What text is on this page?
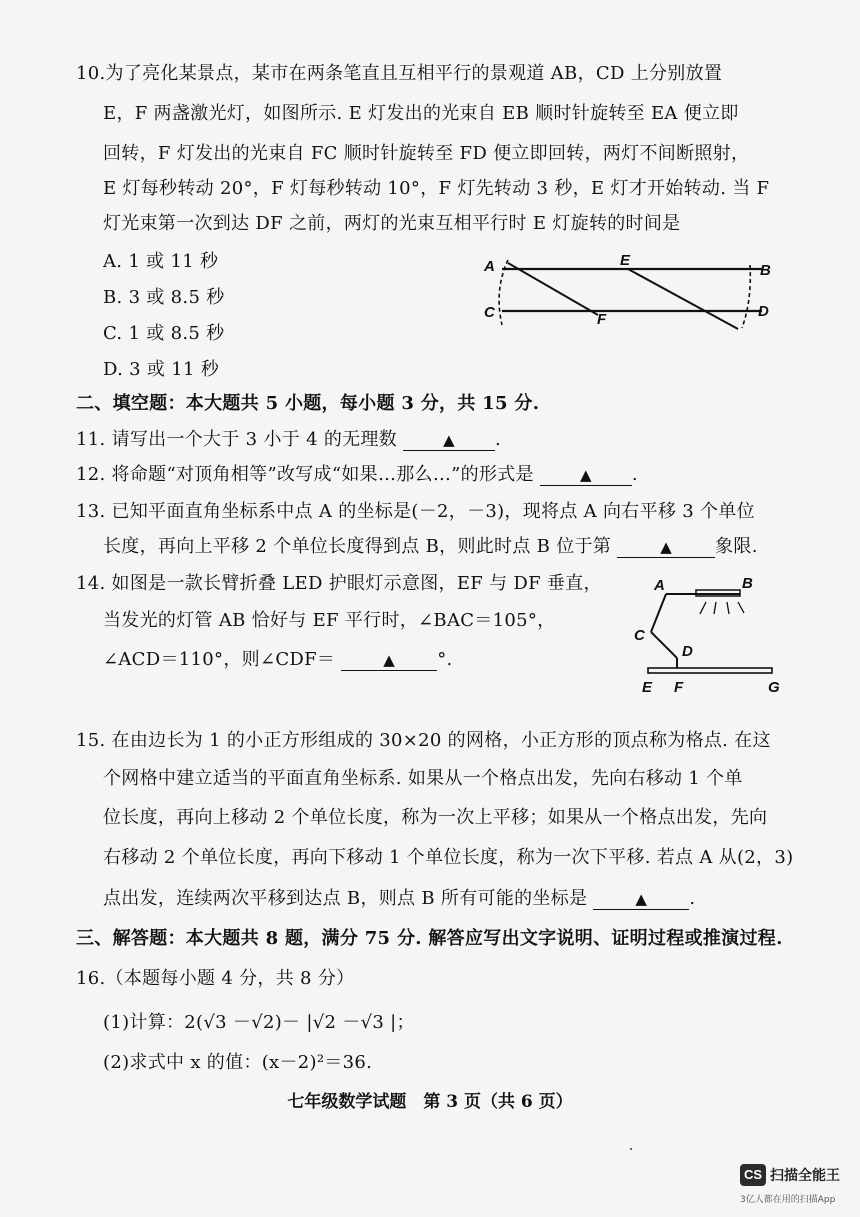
10.为了亮化某景点，某市在两条笔直且互相平行的景观道 AB，CD 上分别放置
E，F 两盏激光灯，如图所示. E 灯发出的光束自 EB 顺时针旋转至 EA 便立即
回转，F 灯发出的光束自 FC 顺时针旋转至 FD 便立即回转，两灯不间断照射，
E 灯每秒转动 20°，F 灯每秒转动 10°，F 灯先转动 3 秒，E 灯才开始转动. 当 F
灯光束第一次到达 DF 之前，两灯的光束互相平行时 E 灯旋转的时间是
A. 1 或 11 秒
B. 3 或 8.5 秒
C. 1 或 8.5 秒
D. 3 或 11 秒
A	E
B
C	F	D
二、填空题：本大题共 5 小题，每小题 3 分，共 15 分.
11. 请写出一个大于 3 小于 4 的无理数	▲ .
12. 将命题“对顶角相等”改写成“如果…那么…”的形式是	▲ .
13. 已知平面直角坐标系中点 A 的坐标是(－2，－3)，现将点 A 向右平移 3 个单位
长度，再向上平移 2 个单位长度得到点 B，则此时点 B 位于第	▲ 象限.
14. 如图是一款长臂折叠 LED 护眼灯示意图，EF 与 DF 垂直，
当发光的灯管 AB 恰好与 EF 平行时，∠BAC＝105°，
∠ACD＝110°，则∠CDF＝	▲ °.
A	B
C
D
E F	G
15. 在由边长为 1 的小正方形组成的 30×20 的网格，小正方形的顶点称为格点. 在这
个网格中建立适当的平面直角坐标系. 如果从一个格点出发，先向右移动 1 个单
位长度，再向上移动 2 个单位长度，称为一次上平移；如果从一个格点出发，先向
右移动 2 个单位长度，再向下移动 1 个单位长度，称为一次下平移. 若点 A 从(2，3)
点出发，连续两次平移到达点 B，则点 B 所有可能的坐标是	▲ .
三、解答题：本大题共 8 题，满分 75 分. 解答应写出文字说明、证明过程或推演过程.
16.（本题每小题 4 分，共 8 分）
(1)计算：2(√3 －√2)－ |√2 －√3 |；
(2)求式中 x 的值：(x－2)²＝36.
七年级数学试题　第 3 页（共 6 页）
CS 扫描全能王
3亿人都在用的扫描App
